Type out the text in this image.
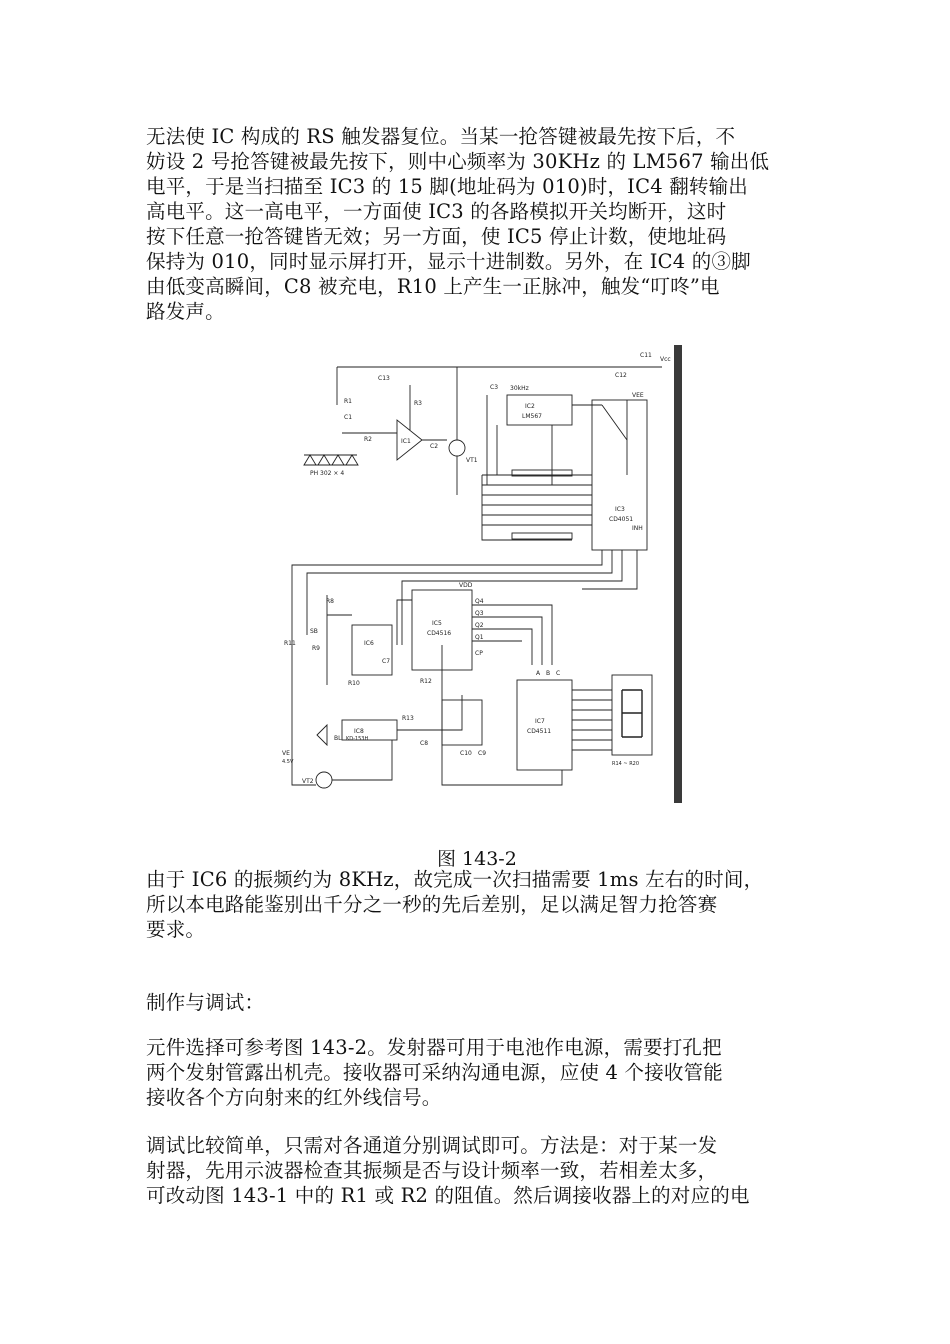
无法使 IC 构成的 RS 触发器复位。当某一抢答键被最先按下后，不
妨设 2 号抢答键被最先按下，则中心频率为 30KHz 的 LM567 输出低
电平，于是当扫描至 IC3 的 15 脚(地址码为 010)时，IC4 翻转输出
高电平。这一高电平，一方面使 IC3 的各路模拟开关均断开，这时
按下任意一抢答键皆无效；另一方面，使 IC5 停止计数，使地址码
保持为 010，同时显示屏打开，显示十进制数。另外，在 IC4 的③脚
由低变高瞬间，C8 被充电，R10 上产生一正脉冲，触发“叮咚”电
路发声。
IC1
IC2
LM567
30kHz
IC3
CD4051
INH
IC5
CD4516
Q4
Q3
Q2
Q1
CP
VDD
IC6
IC7
CD4511
A B C
IC8
KD-153H
VT1
VT2
BL
PH 302 × 4
R1
C1
R2
R3
C2
C3
C13
C11
C12
Vcc
VEE
R8
R9
R10
R11
R12
R13
SB
C7
C8
C10 C9
R14 ~ R20
VE
4.5V
图 143-2
由于 IC6 的振频约为 8KHz，故完成一次扫描需要 1ms 左右的时间，
所以本电路能鉴别出千分之一秒的先后差别，足以满足智力抢答赛
要求。
制作与调试：
元件选择可参考图 143-2。发射器可用于电池作电源，需要打孔把
两个发射管露出机壳。接收器可采纳沟通电源，应使 4 个接收管能
接收各个方向射来的红外线信号。
调试比较简单，只需对各通道分别调试即可。方法是：对于某一发
射器，先用示波器检查其振频是否与设计频率一致，若相差太多，
可改动图 143-1 中的 R1 或 R2 的阻值。然后调接收器上的对应的电
